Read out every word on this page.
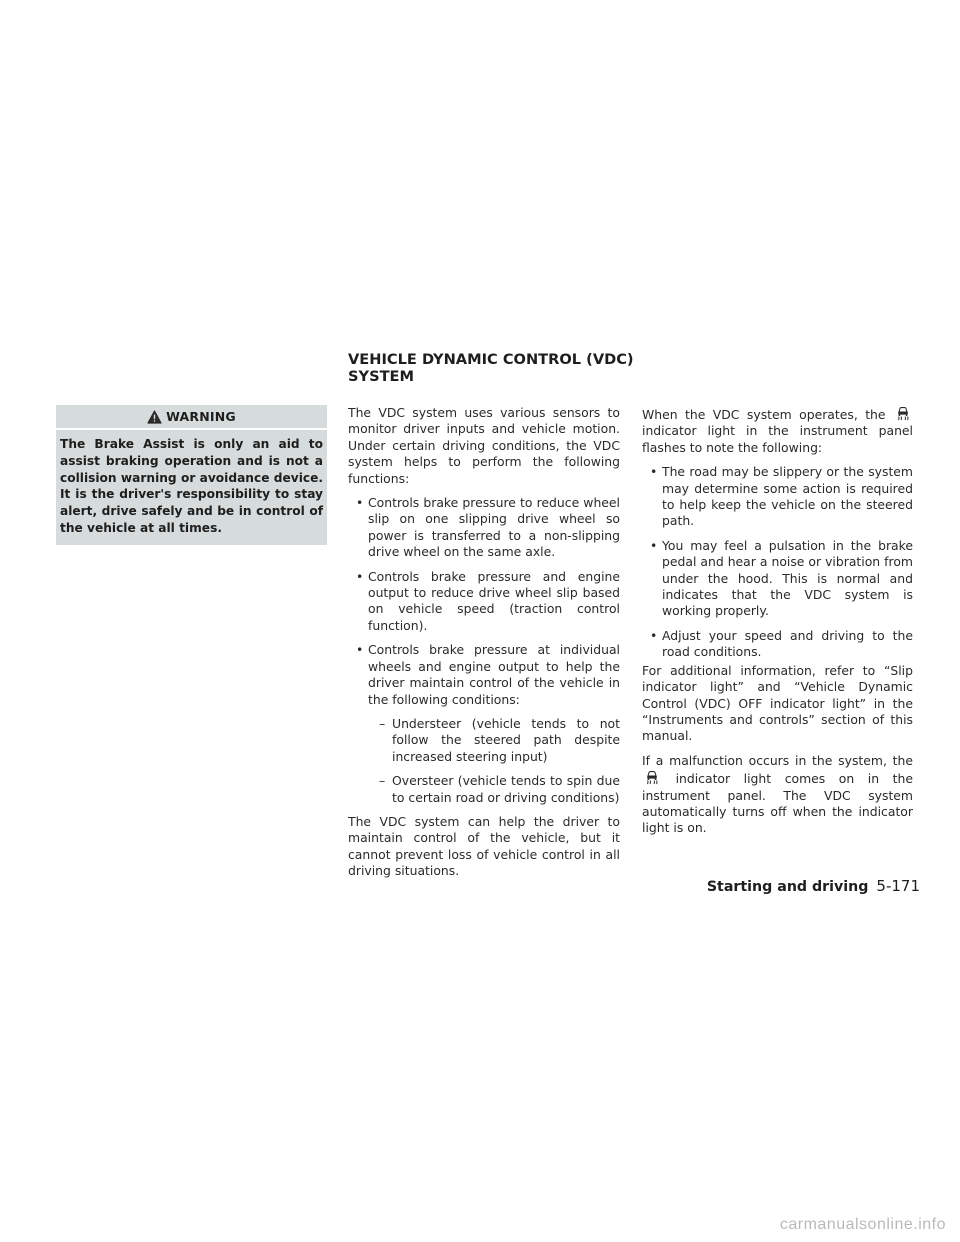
WARNING
The Brake Assist is only an aid to assist braking operation and is not a collision warning or avoidance device. It is the driver's responsibility to stay alert, drive safely and be in control of the vehicle at all times.
VEHICLE DYNAMIC CONTROL (VDC) SYSTEM

The VDC system uses various sensors to monitor driver inputs and vehicle motion. Under certain driving conditions, the VDC system helps to perform the following functions:

• Controls brake pressure to reduce wheel slip on one slipping drive wheel so power is transferred to a non-slipping drive wheel on the same axle.
• Controls brake pressure and engine output to reduce drive wheel slip based on vehicle speed (traction control function).
• Controls brake pressure at individual wheels and engine output to help the driver maintain control of the vehicle in the following conditions:
– Understeer (vehicle tends to not follow the steered path despite increased steering input)
– Oversteer (vehicle tends to spin due to certain road or driving conditions)

The VDC system can help the driver to maintain control of the vehicle, but it cannot prevent loss of vehicle control in all driving situations.

When the VDC system operates, the
indicator light in the instrument panel flashes to note the following:

• The road may be slippery or the system may determine some action is required to help keep the vehicle on the steered path.
• You may feel a pulsation in the brake pedal and hear a noise or vibration from under the hood. This is normal and indicates that the VDC system is working properly.
• Adjust your speed and driving to the road conditions.

For additional information, refer to “Slip indicator light” and “Vehicle Dynamic Control (VDC) OFF indicator light” in the “Instruments and controls” section of this manual.

If a malfunction occurs in the system, the
indicator light comes on in the instrument panel. The VDC system automatically turns off when the indicator light is on.

Starting and driving 5-171
carmanualsonline.info
